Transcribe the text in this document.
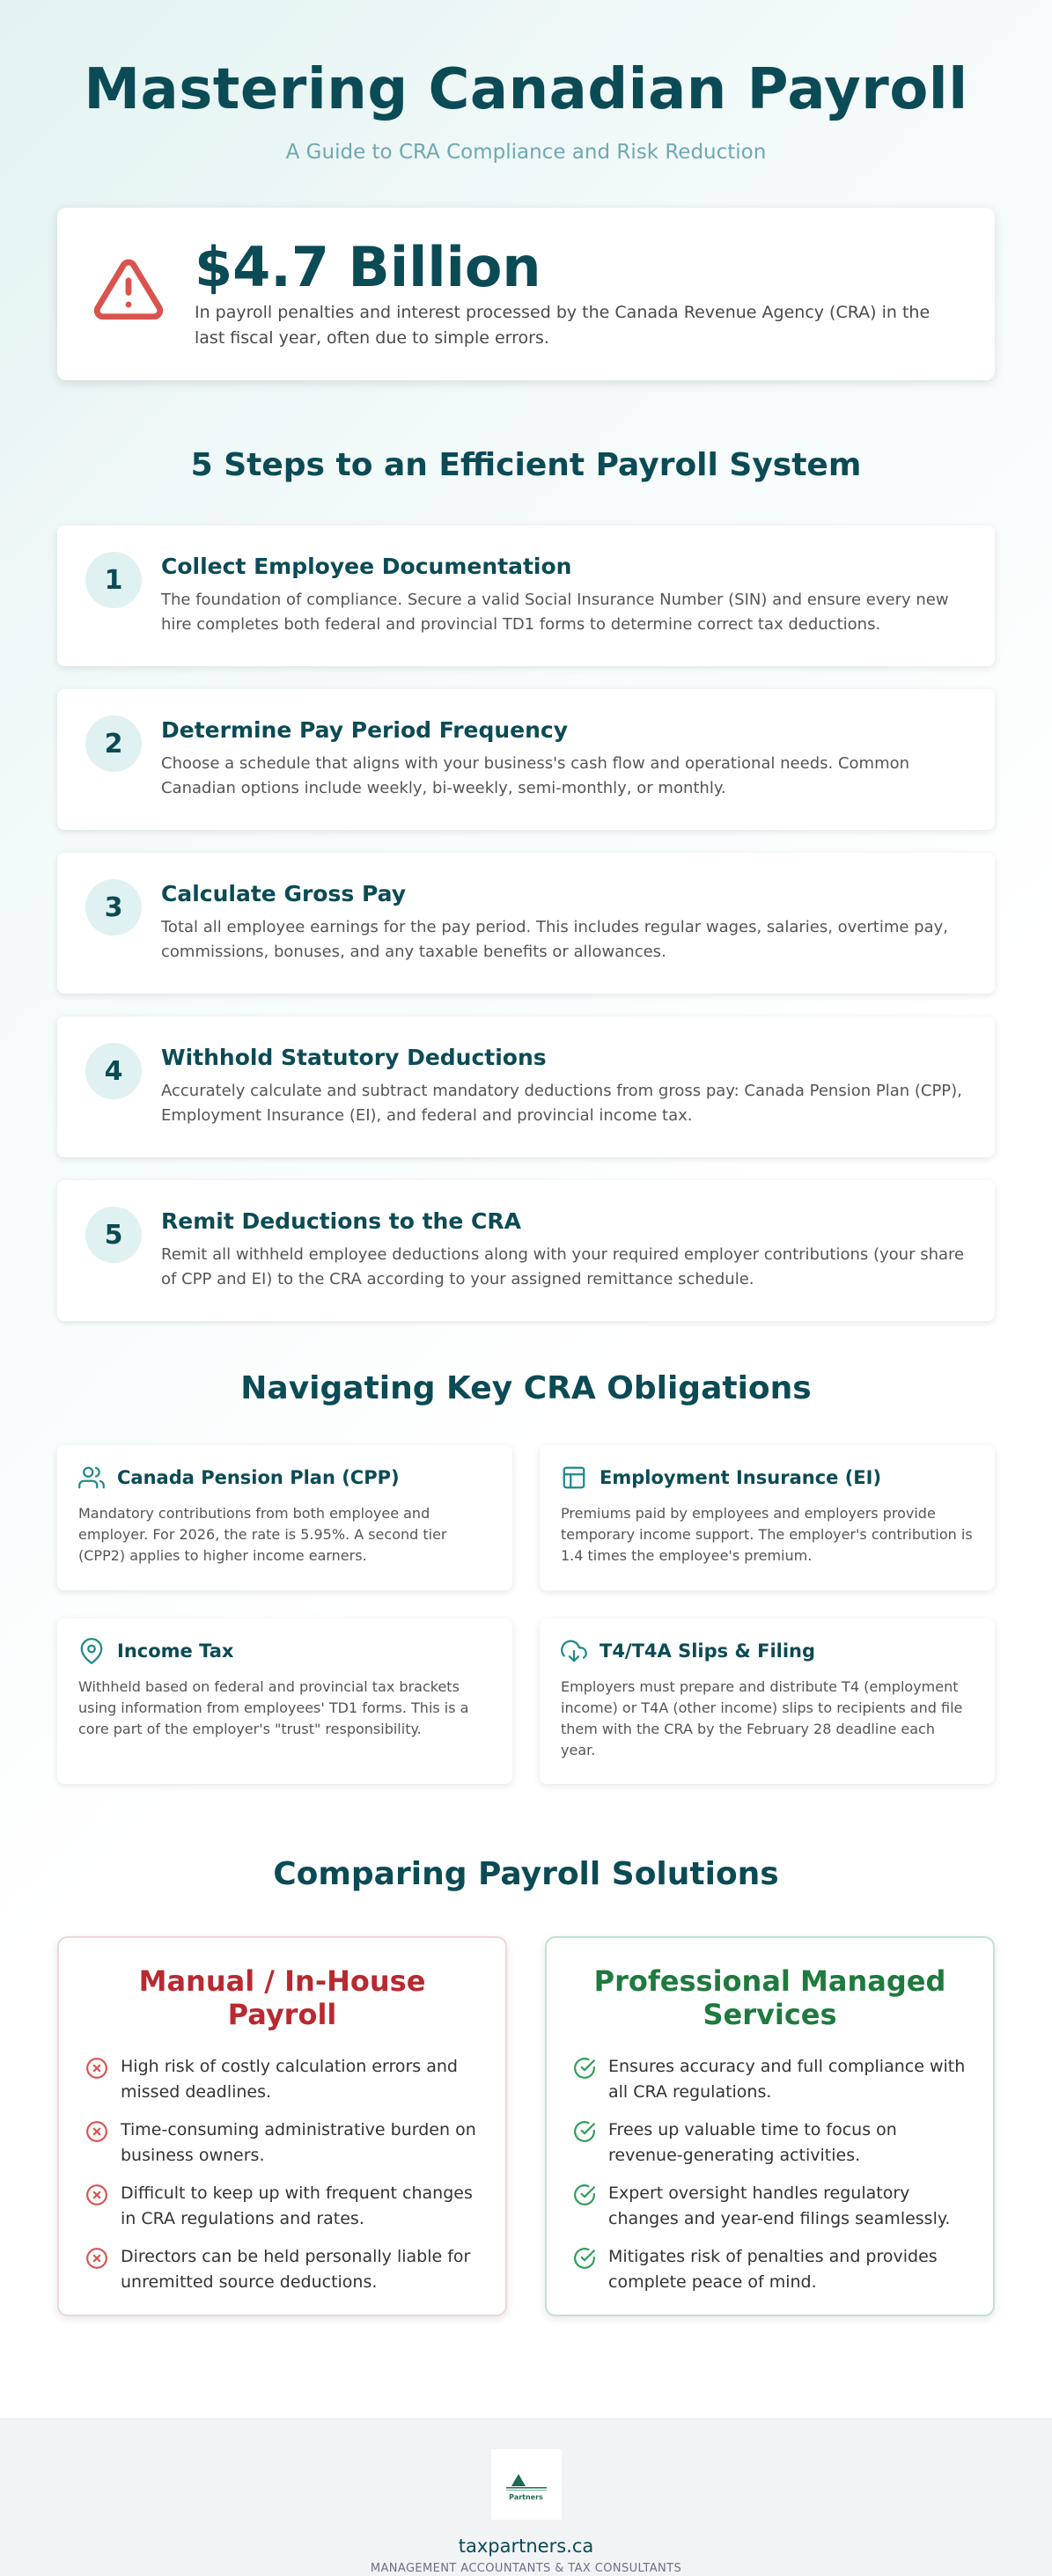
Mastering Canadian Payroll
A Guide to CRA Compliance and Risk Reduction
$4.7 Billion
In payroll penalties and interest processed by the Canada Revenue Agency (CRA) in the last fiscal year, often due to simple errors.
5 Steps to an Efficient Payroll System
1	Collect Employee Documentation

The foundation of compliance. Secure a valid Social Insurance Number (SIN) and ensure every new hire completes both federal and provincial TD1 forms to determine correct tax deductions.

2	Determine Pay Period Frequency

Choose a schedule that aligns with your business's cash flow and operational needs. Common Canadian options include weekly, bi-weekly, semi-monthly, or monthly.

3	Calculate Gross Pay

Total all employee earnings for the pay period. This includes regular wages, salaries, overtime pay, commissions, bonuses, and any taxable benefits or allowances.

4	Withhold Statutory Deductions

Accurately calculate and subtract mandatory deductions from gross pay: Canada Pension Plan (CPP), Employment Insurance (EI), and federal and provincial income tax.

5	Remit Deductions to the CRA

Remit all withheld employee deductions along with your required employer contributions (your share of CPP and EI) to the CRA according to your assigned remittance schedule.

Navigating Key CRA Obligations
Canada Pension Plan (CPP)

Mandatory contributions from both employee and employer. For 2026, the rate is 5.95%. A second tier (CPP2) applies to higher income earners.

Employment Insurance (EI)

Premiums paid by employees and employers provide temporary income support. The employer's contribution is 1.4 times the employee's premium.

Income Tax

Withheld based on federal and provincial tax brackets using information from employees' TD1 forms. This is a core part of the employer's "trust" responsibility.

T4/T4A Slips & Filing

Employers must prepare and distribute T4 (employment income) or T4A (other income) slips to recipients and file them with the CRA by the February 28 deadline each year.

Comparing Payroll Solutions
Manual / In-House Payroll
High risk of costly calculation errors and missed deadlines.
Time-consuming administrative burden on business owners.
Difficult to keep up with frequent changes in CRA regulations and rates.
Directors can be held personally liable for unremitted source deductions.
Professional Managed Services
Ensures accuracy and full compliance with all CRA regulations.
Frees up valuable time to focus on revenue-generating activities.
Expert oversight handles regulatory changes and year-end filings seamlessly.
Mitigates risk of penalties and provides complete peace of mind.
Partners
taxpartners.ca
MANAGEMENT ACCOUNTANTS & TAX CONSULTANTS
